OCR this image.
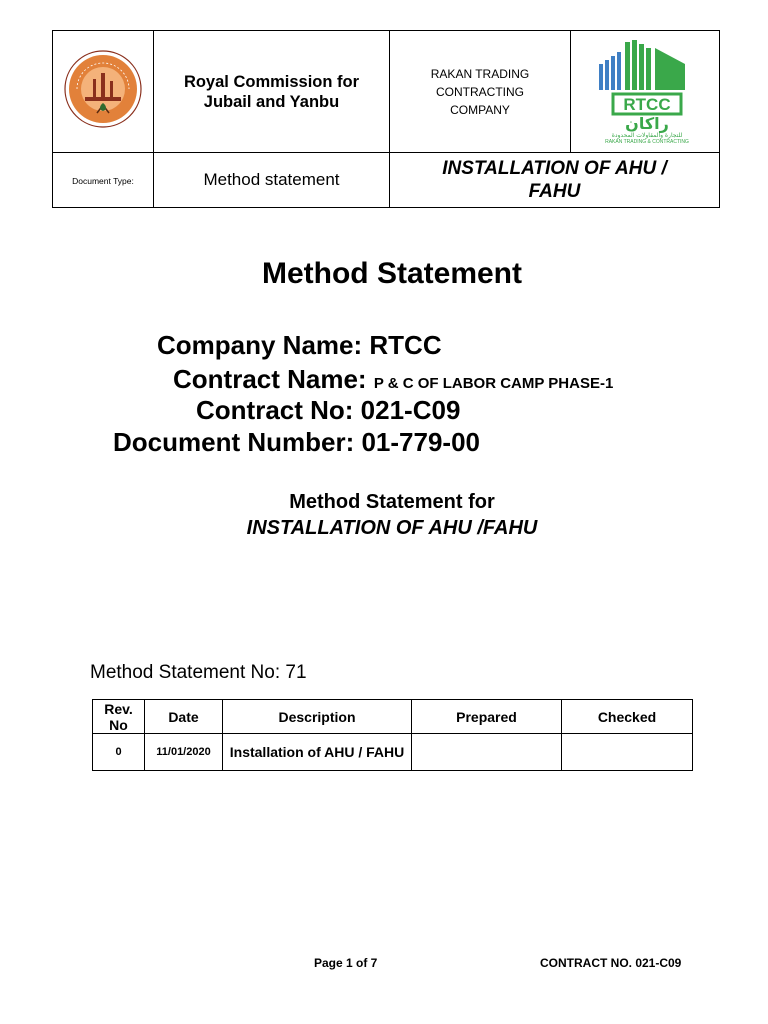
Royal Commission for Jubail and Yanbu	RAKAN TRADING CONTRACTING COMPANY	RTCC
راكان
للتجارة والمقاولات المحدودة
RAKAN TRADING & CONTRACTING

Document Type:	Method statement	INSTALLATION OF AHU / FAHU	
Method Statement
Company Name: RTCC
Contract Name: P & C OF LABOR CAMP PHASE-1
Contract No: 021-C09
Document Number: 01-779-00
Method Statement for
INSTALLATION OF AHU /FAHU
Method Statement No: 71
Rev. No	Date	Description	Prepared	Checked
0	11/01/2020	Installation of AHU / FAHU		
Page 1 of 7	CONTRACT NO. 021-C09
